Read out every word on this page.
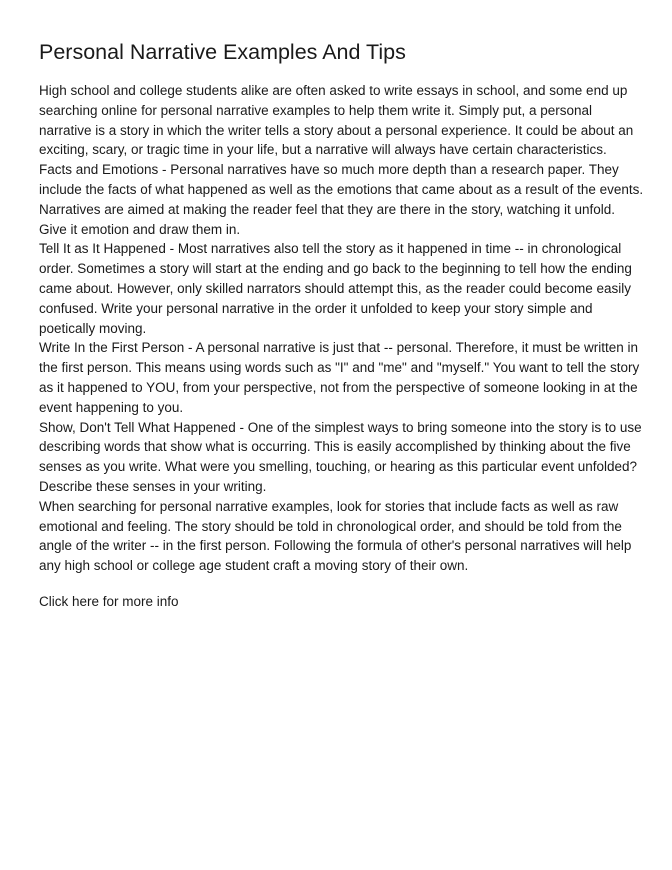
Personal Narrative Examples And Tips

High school and college students alike are often asked to write essays in school, and some end up
searching online for personal narrative examples to help them write it. Simply put, a personal
narrative is a story in which the writer tells a story about a personal experience. It could be about an
exciting, scary, or tragic time in your life, but a narrative will always have certain characteristics.

Facts and Emotions - Personal narratives have so much more depth than a research paper. They
include the facts of what happened as well as the emotions that came about as a result of the events.
Narratives are aimed at making the reader feel that they are there in the story, watching it unfold.
Give it emotion and draw them in.

Tell It as It Happened - Most narratives also tell the story as it happened in time -- in chronological
order. Sometimes a story will start at the ending and go back to the beginning to tell how the ending
came about. However, only skilled narrators should attempt this, as the reader could become easily
confused. Write your personal narrative in the order it unfolded to keep your story simple and
poetically moving.

Write In the First Person - A personal narrative is just that -- personal. Therefore, it must be written in
the first person. This means using words such as "I" and "me" and "myself." You want to tell the story
as it happened to YOU, from your perspective, not from the perspective of someone looking in at the
event happening to you.

Show, Don't Tell What Happened - One of the simplest ways to bring someone into the story is to use
describing words that show what is occurring. This is easily accomplished by thinking about the five
senses as you write. What were you smelling, touching, or hearing as this particular event unfolded?
Describe these senses in your writing.

When searching for personal narrative examples, look for stories that include facts as well as raw
emotional and feeling. The story should be told in chronological order, and should be told from the
angle of the writer -- in the first person. Following the formula of other's personal narratives will help
any high school or college age student craft a moving story of their own.

Click here for more info
